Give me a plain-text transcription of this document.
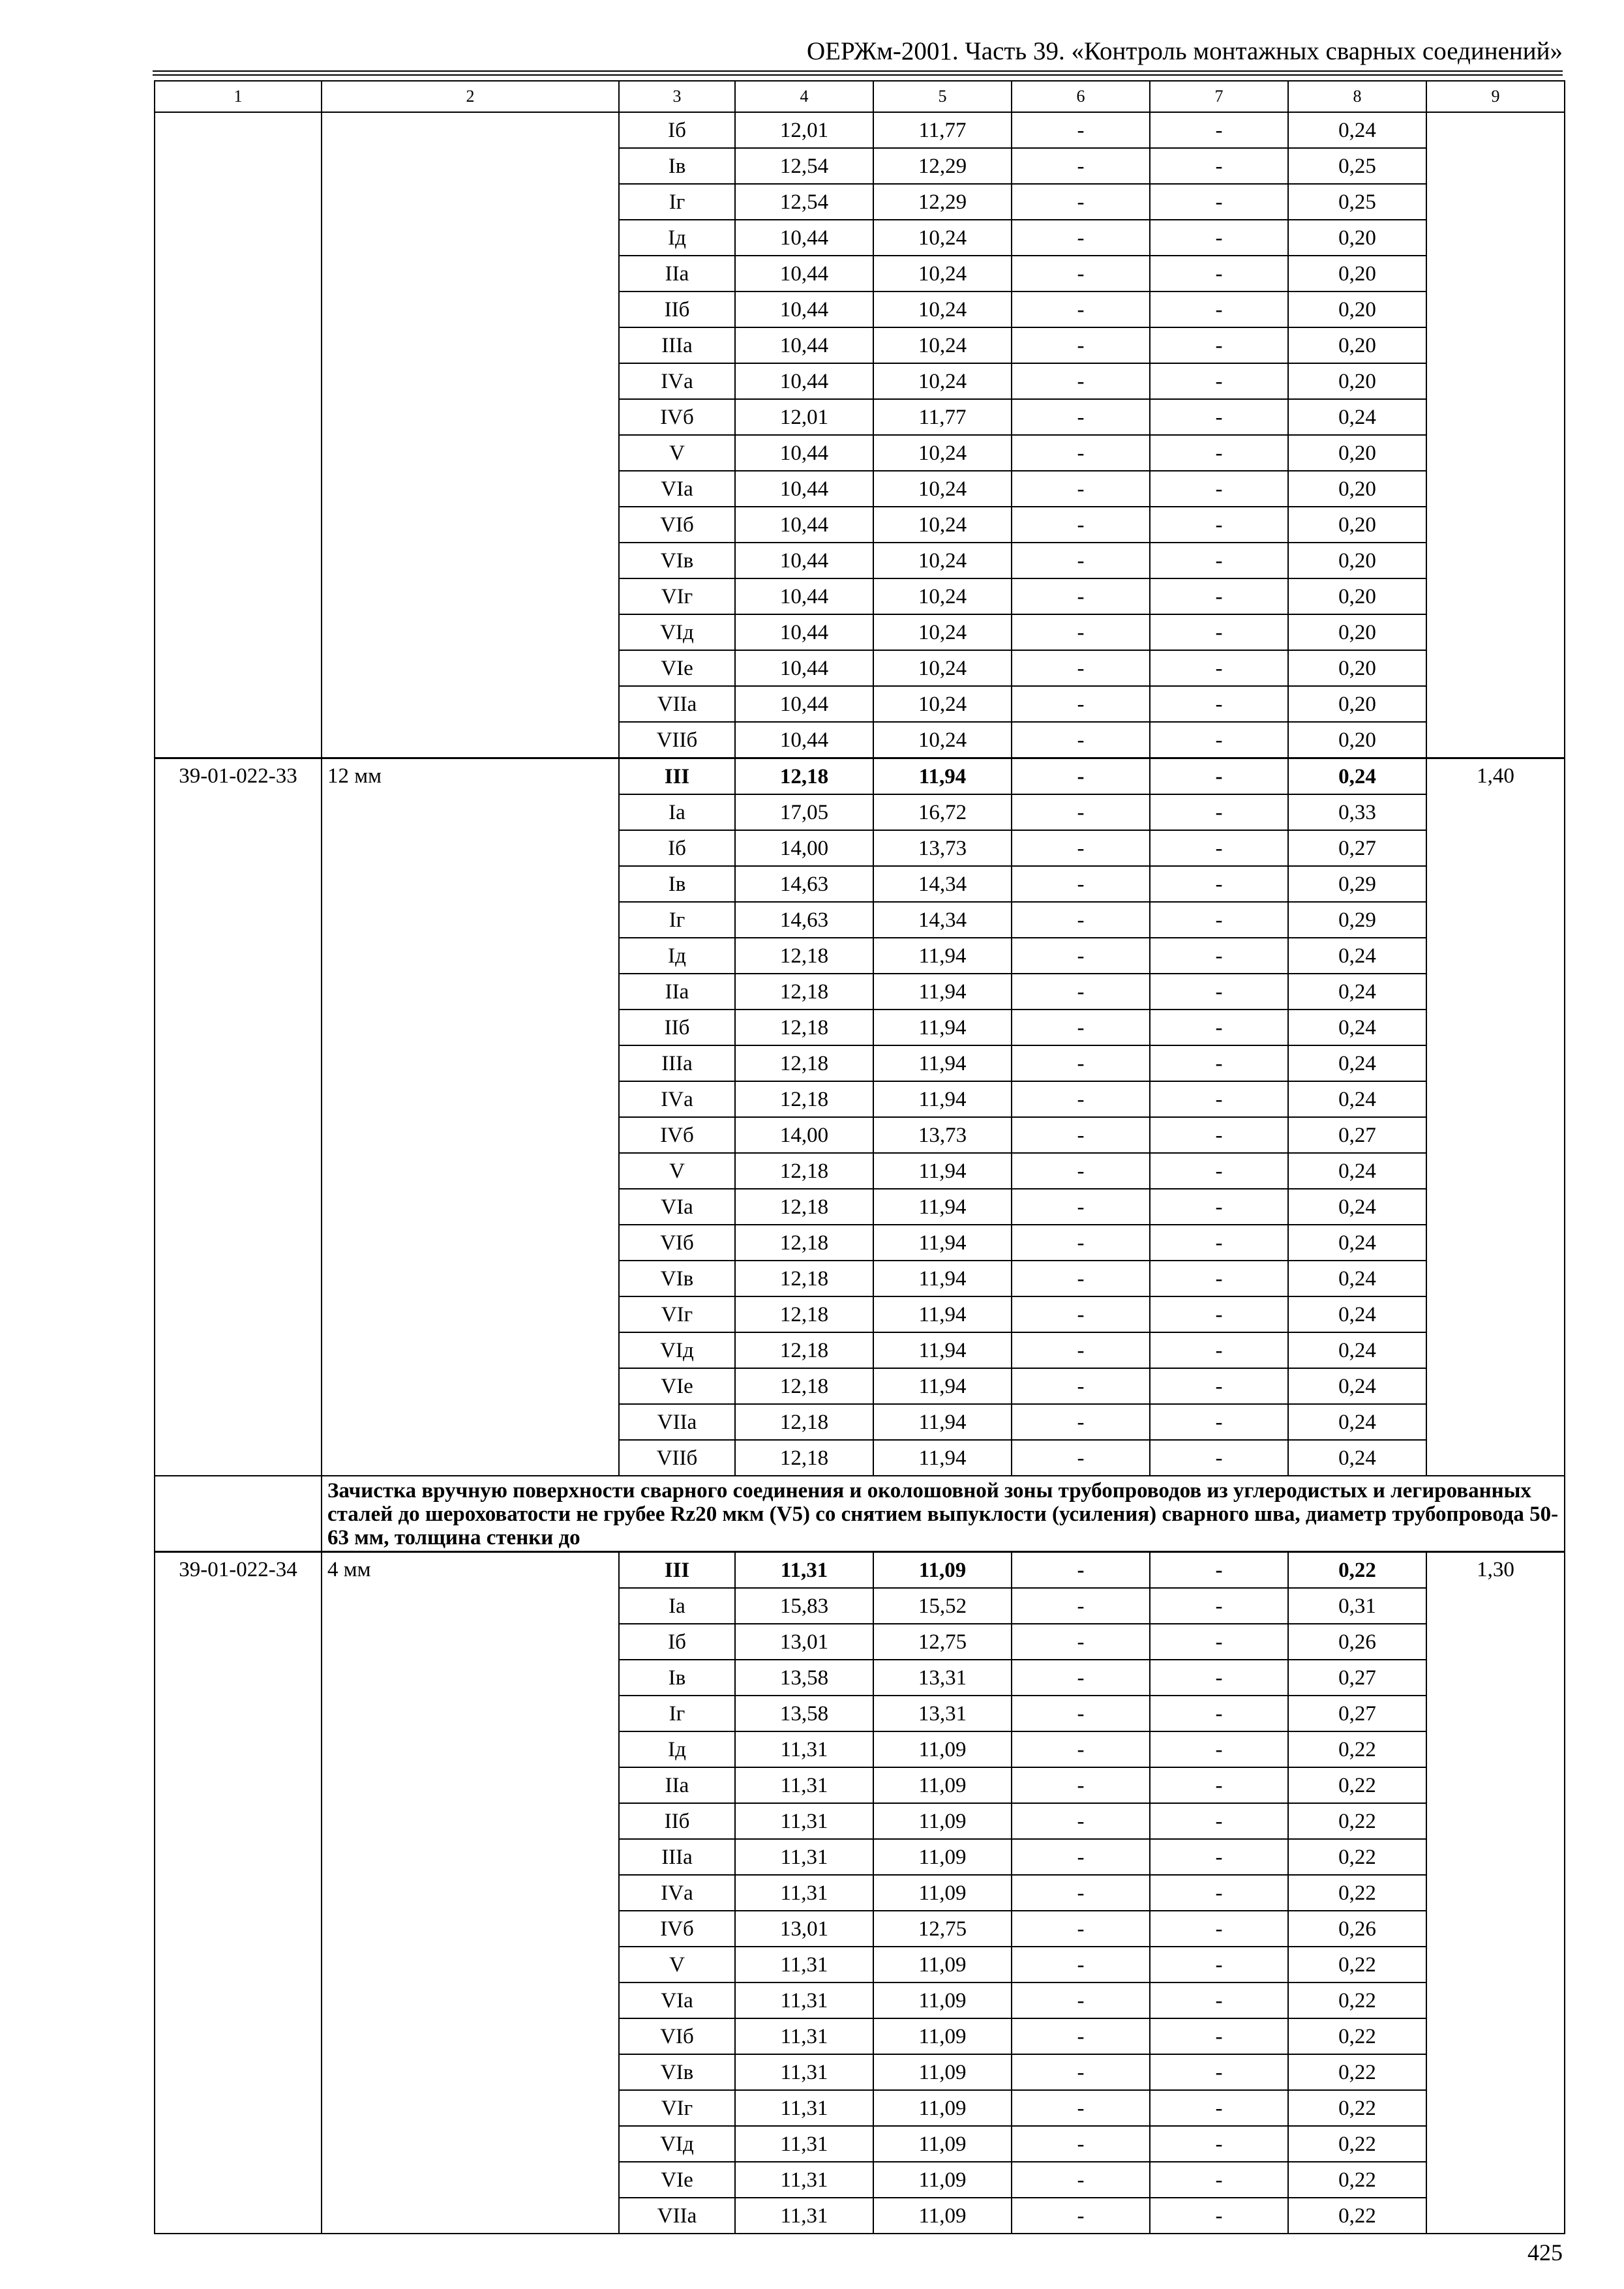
ОЕРЖм-2001. Часть 39. «Контроль монтажных сварных соединений»
1	2	3	4	5	6	7	8	9
		Iб	12,01	11,77	-	-	0,24	
		Iв	12,54	12,29	-	-	0,25	
		Iг	12,54	12,29	-	-	0,25	
		Iд	10,44	10,24	-	-	0,20	
		IIа	10,44	10,24	-	-	0,20	
		IIб	10,44	10,24	-	-	0,20	
		IIIа	10,44	10,24	-	-	0,20	
		IVа	10,44	10,24	-	-	0,20	
		IVб	12,01	11,77	-	-	0,24	
		V	10,44	10,24	-	-	0,20	
		VIа	10,44	10,24	-	-	0,20	
		VIб	10,44	10,24	-	-	0,20	
		VIв	10,44	10,24	-	-	0,20	
		VIг	10,44	10,24	-	-	0,20	
		VIд	10,44	10,24	-	-	0,20	
		VIе	10,44	10,24	-	-	0,20	
		VIIа	10,44	10,24	-	-	0,20	
		VIIб	10,44	10,24	-	-	0,20	
39-01-022-33	12 мм	III	12,18	11,94	-	-	0,24	1,40
		Iа	17,05	16,72	-	-	0,33	
		Iб	14,00	13,73	-	-	0,27	
		Iв	14,63	14,34	-	-	0,29	
		Iг	14,63	14,34	-	-	0,29	
		Iд	12,18	11,94	-	-	0,24	
		IIа	12,18	11,94	-	-	0,24	
		IIб	12,18	11,94	-	-	0,24	
		IIIа	12,18	11,94	-	-	0,24	
		IVа	12,18	11,94	-	-	0,24	
		IVб	14,00	13,73	-	-	0,27	
		V	12,18	11,94	-	-	0,24	
		VIа	12,18	11,94	-	-	0,24	
		VIб	12,18	11,94	-	-	0,24	
		VIв	12,18	11,94	-	-	0,24	
		VIг	12,18	11,94	-	-	0,24	
		VIд	12,18	11,94	-	-	0,24	
		VIе	12,18	11,94	-	-	0,24	
		VIIа	12,18	11,94	-	-	0,24	
		VIIб	12,18	11,94	-	-	0,24	
	Зачистка вручную поверхности сварного соединения и околошовной зоны трубопроводов из углеродистых и легированных сталей до шероховатости не грубее Rz20 мкм (V5) со снятием выпуклости (усиления) сварного шва, диаметр трубопровода 50-63 мм, толщина стенки до							
39-01-022-34	4 мм	III	11,31	11,09	-	-	0,22	1,30
		Iа	15,83	15,52	-	-	0,31	
		Iб	13,01	12,75	-	-	0,26	
		Iв	13,58	13,31	-	-	0,27	
		Iг	13,58	13,31	-	-	0,27	
		Iд	11,31	11,09	-	-	0,22	
		IIа	11,31	11,09	-	-	0,22	
		IIб	11,31	11,09	-	-	0,22	
		IIIа	11,31	11,09	-	-	0,22	
		IVа	11,31	11,09	-	-	0,22	
		IVб	13,01	12,75	-	-	0,26	
		V	11,31	11,09	-	-	0,22	
		VIа	11,31	11,09	-	-	0,22	
		VIб	11,31	11,09	-	-	0,22	
		VIв	11,31	11,09	-	-	0,22	
		VIг	11,31	11,09	-	-	0,22	
		VIд	11,31	11,09	-	-	0,22	
		VIе	11,31	11,09	-	-	0,22	
		VIIа	11,31	11,09	-	-	0,22	
425
